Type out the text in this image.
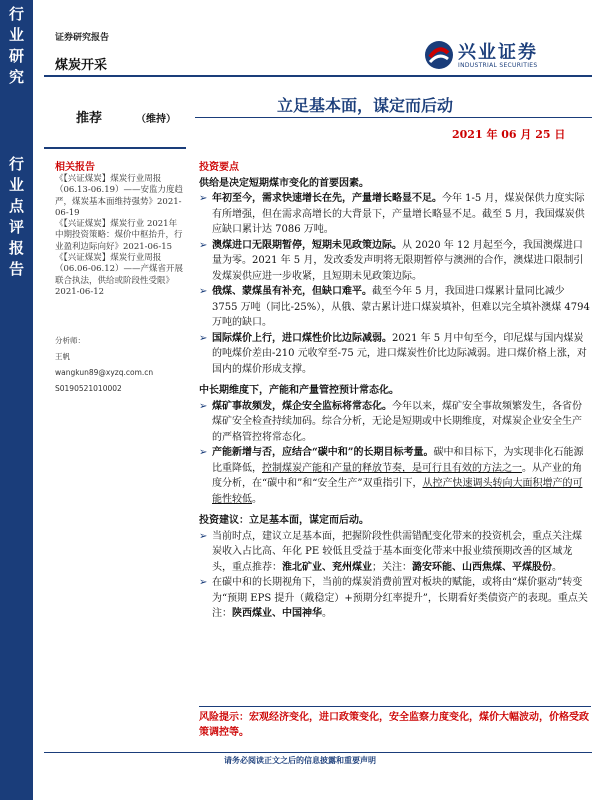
行
业
研
究
行
业
点
评
报
告
证券研究报告
煤炭开采
兴业证券
INDUSTRIAL SECURITIES
推荐	（维持）
立足基本面，谋定而后动
2021 年 06 月 25 日
相关报告
《【兴证煤炭】煤炭行业周报（06.13-06.19）——安监力度趋严，煤炭基本面维持强势》2021-06-19
《【兴证煤炭】煤炭行业 2021年中期投资策略：煤价中枢抬升，行业盈利边际向好》2021-06-15
《【兴证煤炭】煤炭行业周报（06.06-06.12）——产煤省开展联合执法，供给或阶段性受限》2021-06-12
分析师：
王帆
wangkun89@xyzq.com.cn
S0190521010002
投资要点
供给是决定短期煤市变化的首要因素。
➢ 年初至今，需求快速增长在先，产量增长略显不足。今年 1-5 月，煤炭保供力度实际有所增强，但在需求高增长的大背景下，产量增长略显不足。截至 5 月，我国煤炭供应缺口累计达 7086 万吨。
➢ 澳煤进口无限期暂停，短期未见政策边际。从 2020 年 12 月起至今，我国澳煤进口量为零。2021 年 5 月，发改委发声明将无限期暂停与澳洲的合作，澳煤进口限制引发煤炭供应进一步收紧，且短期未见政策边际。
➢ 俄煤、蒙煤虽有补充，但缺口难平。截至今年 5 月，我国进口煤累计量同比减少 3755 万吨（同比-25%），从俄、蒙古累计进口煤炭填补，但难以完全填补澳煤 4794 万吨的缺口。
➢ 国际煤价上行，进口煤性价比边际减弱。2021 年 5 月中旬至今，印尼煤与国内煤炭的吨煤价差由-210 元收窄至-75 元，进口煤炭性价比边际减弱。进口煤价格上涨，对国内的煤价形成支撑。
中长期维度下，产能和产量管控预计常态化。
➢ 煤矿事故频发，煤企安全监标将常态化。今年以来，煤矿安全事故频繁发生，各省份煤矿安全检查持续加码。综合分析，无论是短期或中长期维度，对煤炭企业安全生产的严格管控将常态化。
➢ 产能新增与否，应结合“碳中和”的长期目标考量。碳中和目标下，为实现非化石能源比重降低，控制煤炭产能和产量的释放节奏，是可行且有效的方法之一。从产业的角度分析，在“碳中和”和“安全生产”双重指引下，从控产快速调头转向大面积增产的可能性较低。
投资建议：立足基本面，谋定而后动。
➢ 当前时点，建议立足基本面，把握阶段性供需错配变化带来的投资机会，重点关注煤炭收入占比高、年化 PE 较低且受益于基本面变化带来中报业绩预期改善的区域龙头，重点推荐：淮北矿业、兖州煤业；关注：潞安环能、山西焦煤、平煤股份。
➢ 在碳中和的长期视角下，当前的煤炭消费前置对板块的赋能，或将由“煤价驱动”转变为“预期 EPS 提升（戴稳定）+预期分红率提升”，长期看好类债资产的表现。重点关注：陕西煤业、中国神华。
风险提示：宏观经济变化，进口政策变化，安全监察力度变化，煤价大幅波动，价格受政策调控等。
请务必阅读正文之后的信息披露和重要声明
